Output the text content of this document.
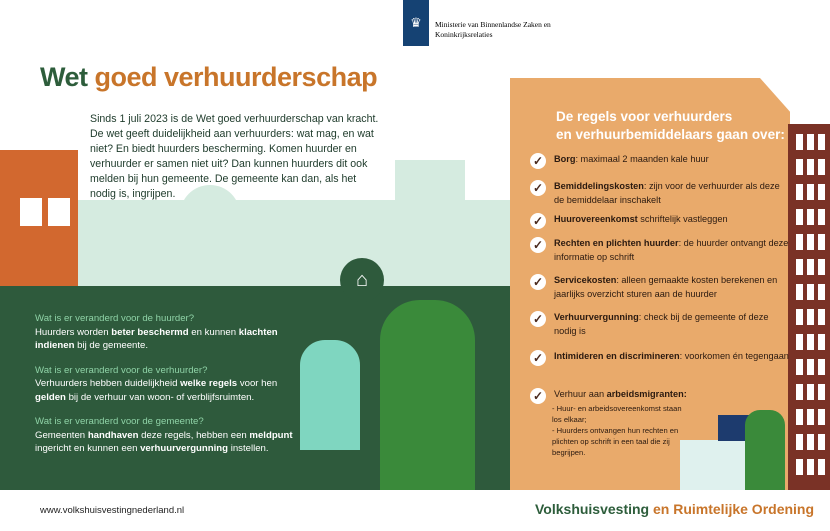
♛	Ministerie van Binnenlandse Zaken en Koninkrijksrelaties
Wet goed verhuurderschap
Sinds 1 juli 2023 is de Wet goed verhuurderschap van kracht. De wet geeft duidelijkheid aan verhuurders: wat mag, en wat niet? En biedt huurders bescherming. Komen huurder en verhuurder er samen niet uit? Dan kunnen huurders dit ook melden bij hun gemeente. De gemeente kan dan, als het nodig is, ingrijpen.
⌂
Wat is er veranderd voor de huurder?
Huurders worden beter beschermd en kunnen klachten indienen bij de gemeente.
Wat is er veranderd voor de verhuurder?
Verhuurders hebben duidelijkheid welke regels voor hen gelden bij de verhuur van woon- of verblijfsruimten.
Wat is er veranderd voor de gemeente?
Gemeenten handhaven deze regels, hebben een meldpunt ingericht en kunnen een verhuurvergunning instellen.
De regels voor verhuurders
en verhuurbemiddelaars gaan over:
✓	Borg: maximaal 2 maanden kale huur
✓	Bemiddelingskosten: zijn voor de verhuurder als deze de bemiddelaar inschakelt
✓	Huurovereenkomst schriftelijk vastleggen
✓	Rechten en plichten huurder: de huurder ontvangt deze informatie op schrift
✓	Servicekosten: alleen gemaakte kosten berekenen en jaarlijks overzicht sturen aan de huurder
✓	Verhuurvergunning: check bij de gemeente of deze nodig is
✓	Intimideren en discrimineren: voorkomen én tegengaan
✓	Verhuur aan arbeidsmigranten:
- Huur- en arbeidsovereenkomst staan los elkaar;
- Huurders ontvangen hun rechten en plichten op schrift in een taal die zij begrijpen.
www.volkshuisvestingnederland.nl	Volkshuisvesting en Ruimtelijke Ordening
